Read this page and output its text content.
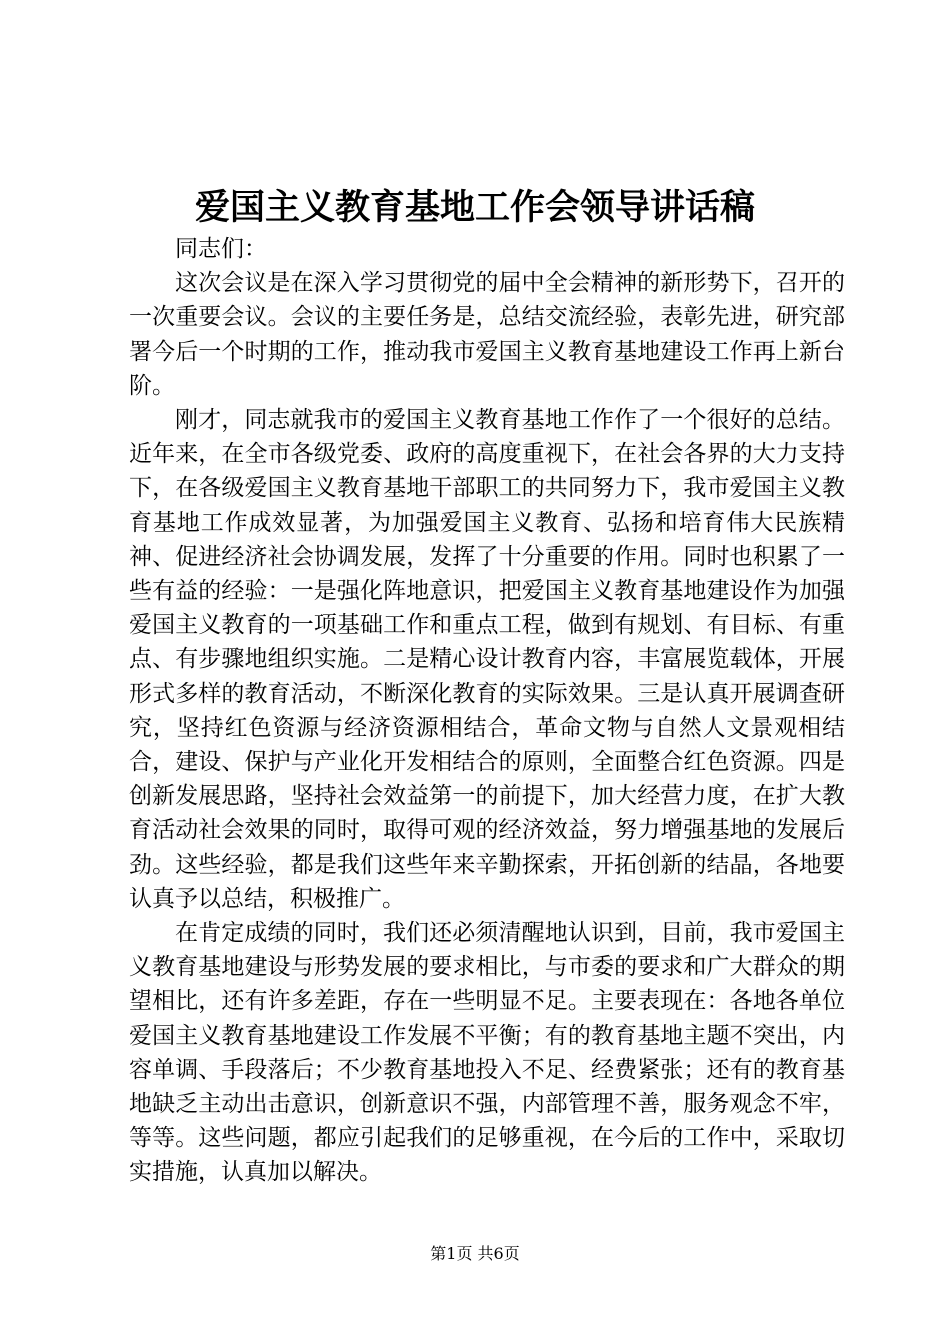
爱国主义教育基地工作会领导讲话稿

同志们：

这次会议是在深入学习贯彻党的届中全会精神的新形势下，召开的一次重要会议。会议的主要任务是，总结交流经验，表彰先进，研究部署今后一个时期的工作，推动我市爱国主义教育基地建设工作再上新台阶。

刚才，同志就我市的爱国主义教育基地工作作了一个很好的总结。近年来，在全市各级党委、政府的高度重视下，在社会各界的大力支持下，在各级爱国主义教育基地干部职工的共同努力下，我市爱国主义教育基地工作成效显著，为加强爱国主义教育、弘扬和培育伟大民族精神、促进经济社会协调发展，发挥了十分重要的作用。同时也积累了一些有益的经验：一是强化阵地意识，把爱国主义教育基地建设作为加强爱国主义教育的一项基础工作和重点工程，做到有规划、有目标、有重点、有步骤地组织实施。二是精心设计教育内容，丰富展览载体，开展形式多样的教育活动，不断深化教育的实际效果。三是认真开展调查研究，坚持红色资源与经济资源相结合，革命文物与自然人文景观相结合，建设、保护与产业化开发相结合的原则，全面整合红色资源。四是创新发展思路，坚持社会效益第一的前提下，加大经营力度，在扩大教育活动社会效果的同时，取得可观的经济效益，努力增强基地的发展后劲。这些经验，都是我们这些年来辛勤探索，开拓创新的结晶，各地要认真予以总结，积极推广。

在肯定成绩的同时，我们还必须清醒地认识到，目前，我市爱国主义教育基地建设与形势发展的要求相比，与市委的要求和广大群众的期望相比，还有许多差距，存在一些明显不足。主要表现在：各地各单位爱国主义教育基地建设工作发展不平衡；有的教育基地主题不突出，内容单调、手段落后；不少教育基地投入不足、经费紧张；还有的教育基地缺乏主动出击意识，创新意识不强，内部管理不善，服务观念不牢，等等。这些问题，都应引起我们的足够重视，在今后的工作中，采取切实措施，认真加以解决。

第1页 共6页
